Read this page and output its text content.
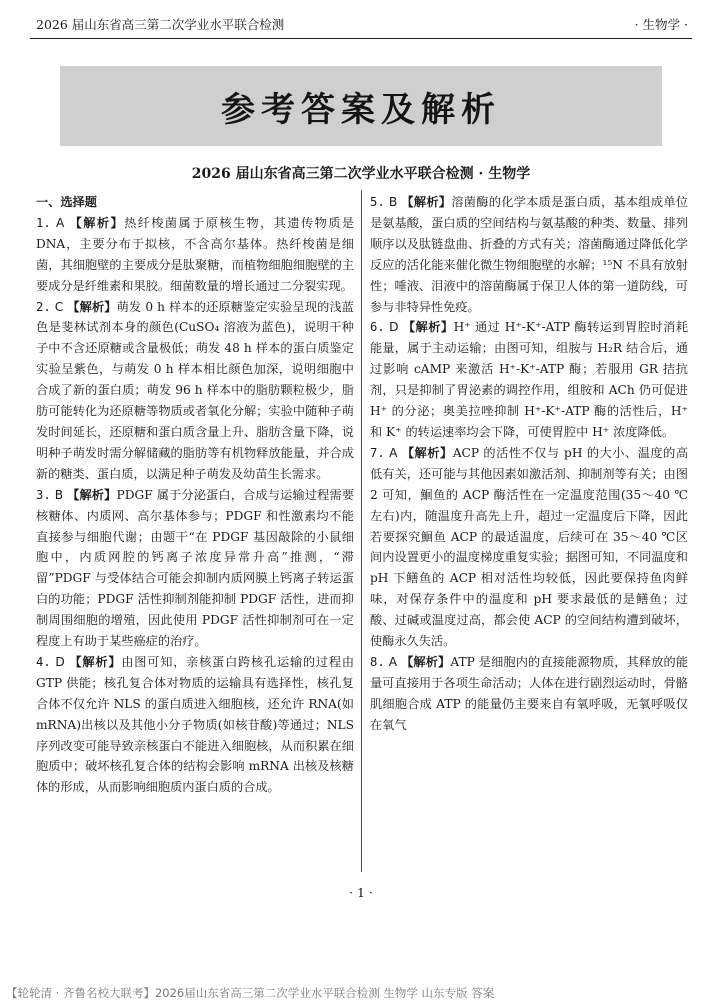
2026 届山东省高三第二次学业水平联合检测	· 生物学 ·
参考答案及解析
2026 届山东省高三第二次学业水平联合检测 · 生物学
一、选择题

1. A 【解析】热纤梭菌属于原核生物，其遗传物质是 DNA，主要分布于拟核，不含高尔基体。热纤梭菌是细菌，其细胞壁的主要成分是肽聚糖，而植物细胞细胞壁的主要成分是纤维素和果胶。细菌数量的增长通过二分裂实现。

2. C 【解析】萌发 0 h 样本的还原糖鉴定实验呈现的浅蓝色是斐林试剂本身的颜色(CuSO₄ 溶液为蓝色)，说明干种子中不含还原糖或含量极低；萌发 48 h 样本的蛋白质鉴定实验呈紫色，与萌发 0 h 样本相比颜色加深，说明细胞中合成了新的蛋白质；萌发 96 h 样本中的脂肪颗粒极少，脂肪可能转化为还原糖等物质或者氧化分解；实验中随种子萌发时间延长，还原糖和蛋白质含量上升、脂肪含量下降，说明种子萌发时需分解储藏的脂肪等有机物释放能量，并合成新的糖类、蛋白质，以满足种子萌发及幼苗生长需求。

3. B 【解析】PDGF 属于分泌蛋白，合成与运输过程需要核糖体、内质网、高尔基体参与；PDGF 和性激素均不能直接参与细胞代谢；由题干“在 PDGF 基因敲除的小鼠细胞中，内质网腔的钙离子浓度异常升高”推测，“滞留”PDGF 与受体结合可能会抑制内质网膜上钙离子转运蛋白的功能；PDGF 活性抑制剂能抑制 PDGF 活性，进而抑制周围细胞的增殖，因此使用 PDGF 活性抑制剂可在一定程度上有助于某些癌症的治疗。

4. D 【解析】由图可知，亲核蛋白跨核孔运输的过程由 GTP 供能；核孔复合体对物质的运输具有选择性，核孔复合体不仅允许 NLS 的蛋白质进入细胞核，还允许 RNA(如 mRNA)出核以及其他小分子物质(如核苷酸)等通过；NLS 序列改变可能导致亲核蛋白不能进入细胞核，从而积累在细胞质中；破坏核孔复合体的结构会影响 mRNA 出核及核糖体的形成，从而影响细胞质内蛋白质的合成。

5. B 【解析】溶菌酶的化学本质是蛋白质，基本组成单位是氨基酸，蛋白质的空间结构与氨基酸的种类、数量、排列顺序以及肽链盘曲、折叠的方式有关；溶菌酶通过降低化学反应的活化能来催化微生物细胞壁的水解；¹⁵N 不具有放射性；唾液、泪液中的溶菌酶属于保卫人体的第一道防线，可参与非特异性免疫。

6. D 【解析】H⁺ 通过 H⁺-K⁺-ATP 酶转运到胃腔时消耗能量，属于主动运输；由图可知，组胺与 H₂R 结合后，通过影响 cAMP 来激活 H⁺-K⁺-ATP 酶；若服用 GR 拮抗剂，只是抑制了胃泌素的调控作用，组胺和 ACh 仍可促进 H⁺ 的分泌；奥美拉唑抑制 H⁺-K⁺-ATP 酶的活性后，H⁺ 和 K⁺ 的转运速率均会下降，可使胃腔中 H⁺ 浓度降低。

7. A 【解析】ACP 的活性不仅与 pH 的大小、温度的高低有关，还可能与其他因素如激活剂、抑制剂等有关；由图 2 可知，鮰鱼的 ACP 酶活性在一定温度范围(35～40 ℃左右)内，随温度升高先上升，超过一定温度后下降，因此若要探究鮰鱼 ACP 的最适温度，后续可在 35～40 ℃区间内设置更小的温度梯度重复实验；据图可知，不同温度和 pH 下鳝鱼的 ACP 相对活性均较低，因此要保持鱼肉鲜味，对保存条件中的温度和 pH 要求最低的是鳝鱼；过酸、过碱或温度过高，都会使 ACP 的空间结构遭到破坏，使酶永久失活。

8. A 【解析】ATP 是细胞内的直接能源物质，其释放的能量可直接用于各项生命活动；人体在进行剧烈运动时，骨骼肌细胞合成 ATP 的能量仍主要来自有氧呼吸，无氧呼吸仅在氧气

· 1 ·
【轮轮清 · 齐鲁名校大联考】2026届山东省高三第二次学业水平联合检测 生物学 山东专版 答案
